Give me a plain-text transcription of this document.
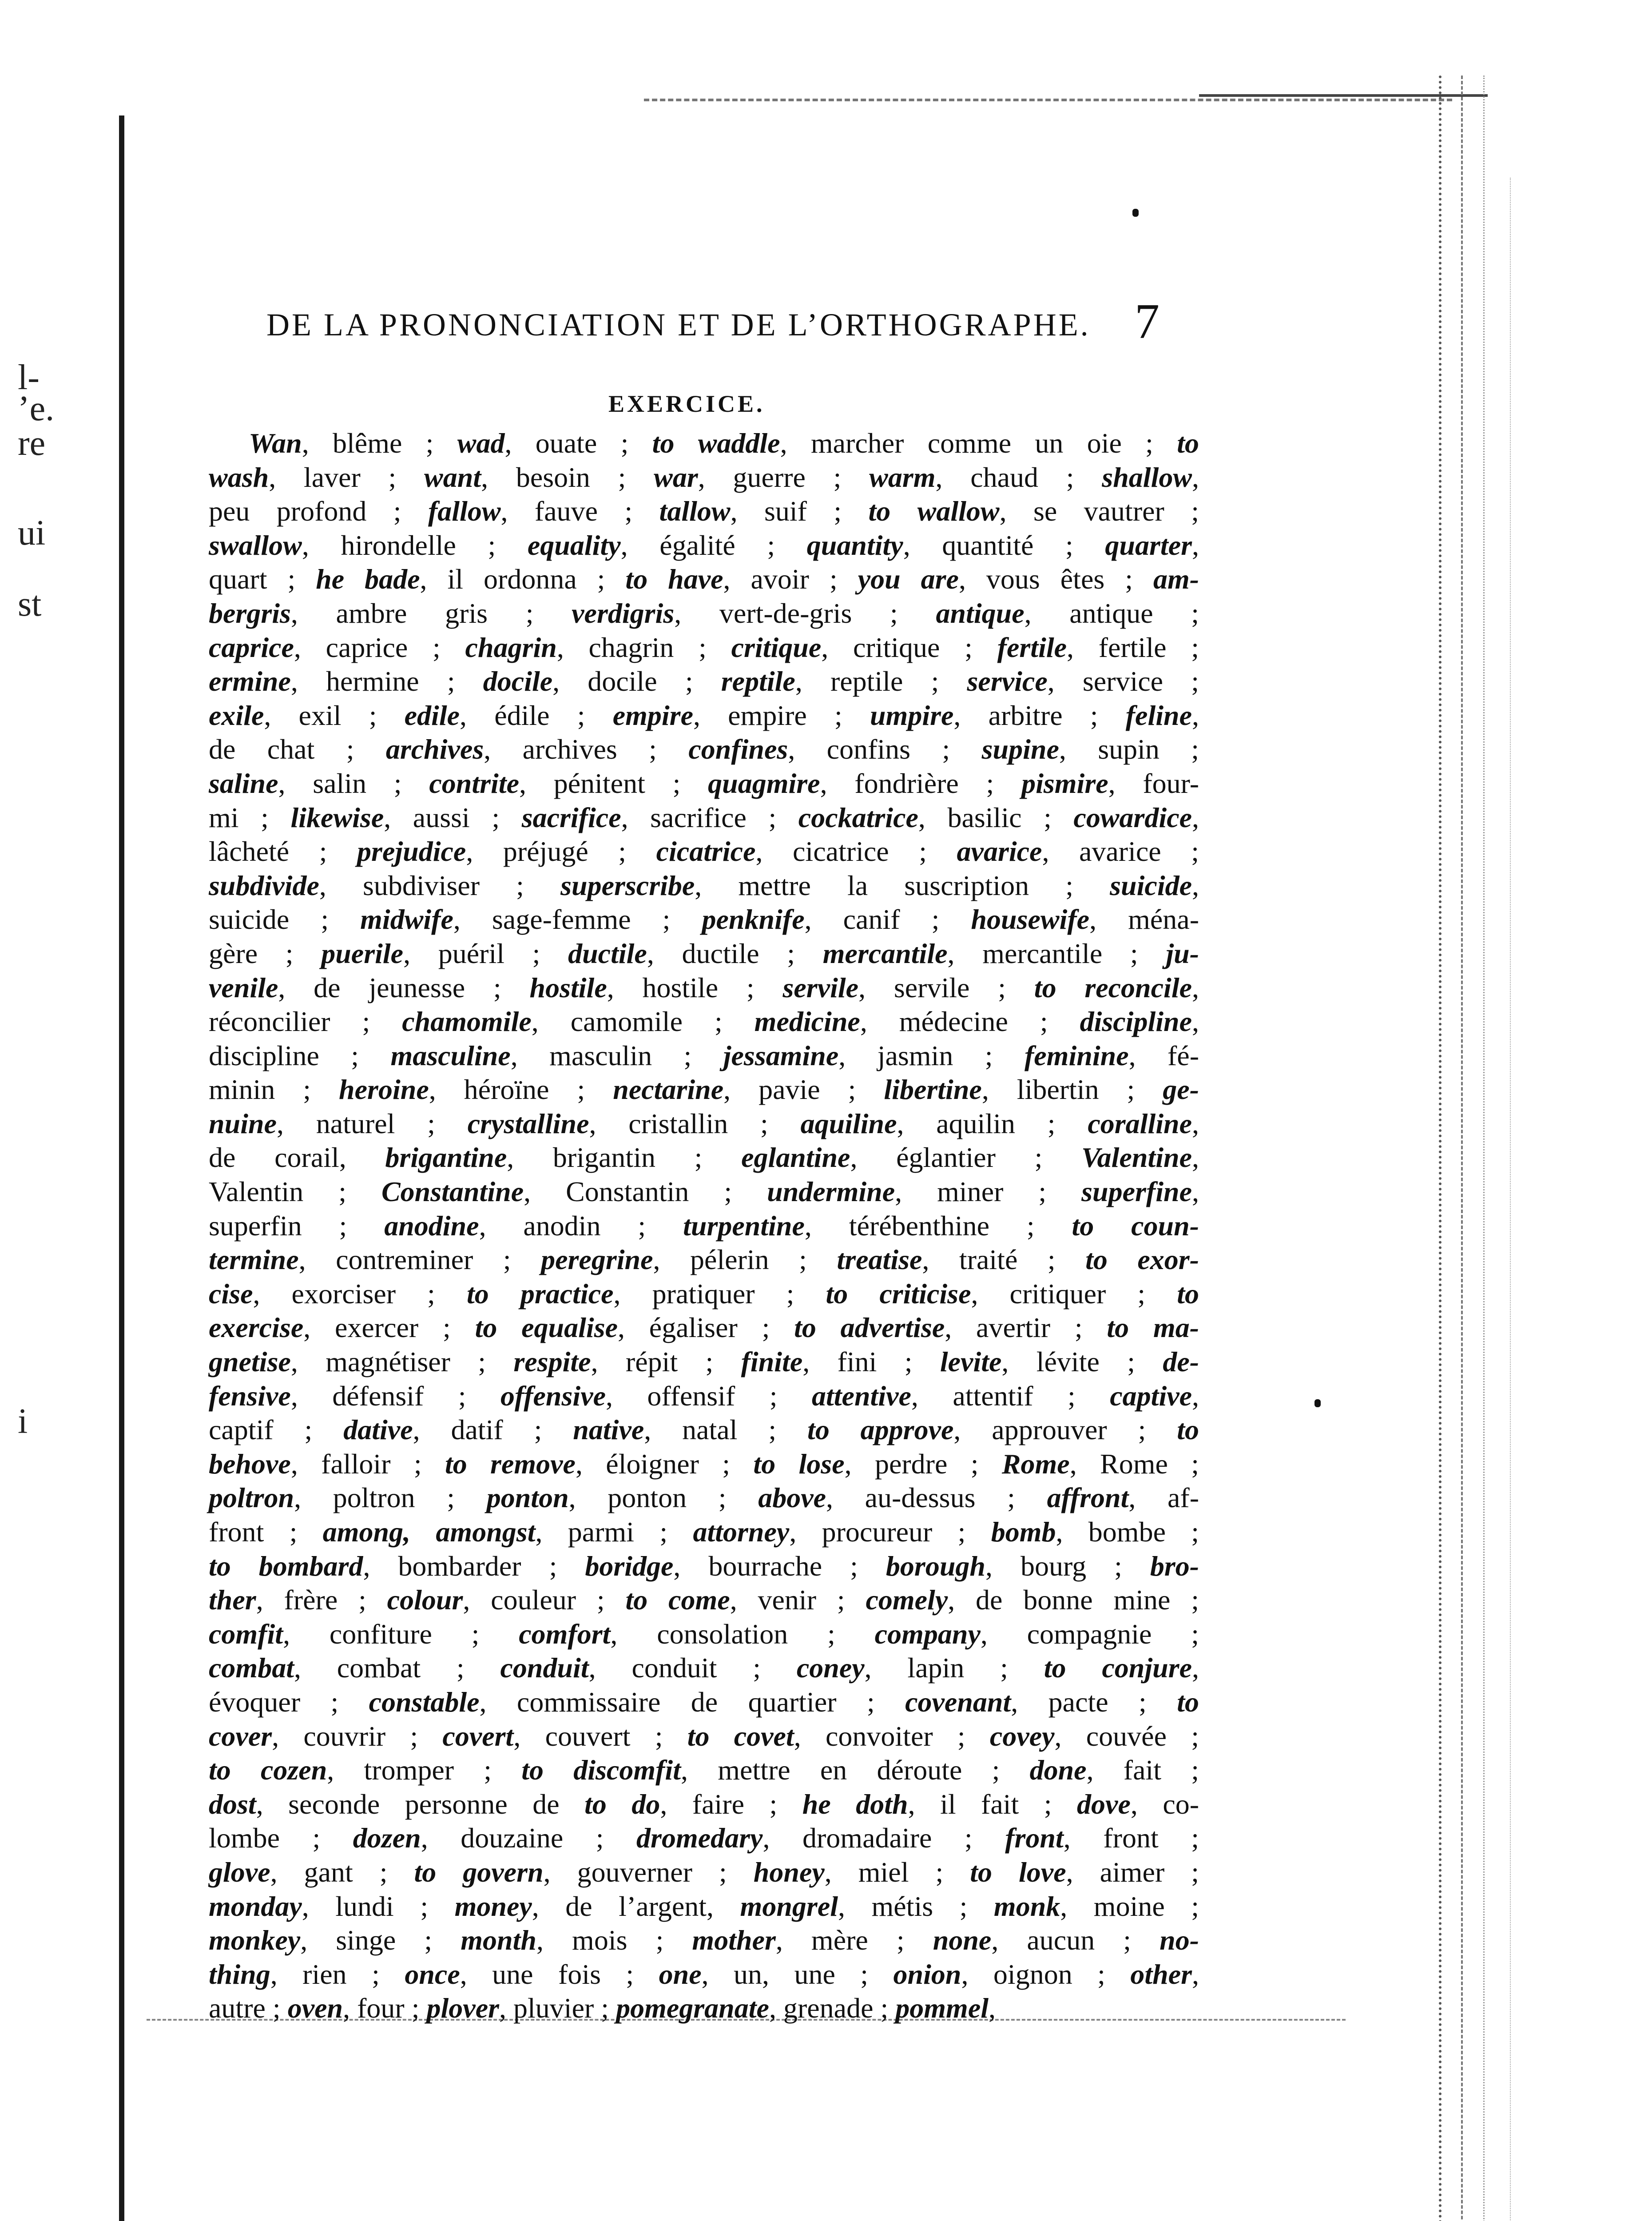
l-
’e.
re
ui
st
i
DE LA PRONONCIATION ET DE L’ORTHOGRAPHE. 7
EXERCICE.
Wan, blême ; wad, ouate ; to waddle, marcher comme un oie ; to
wash, laver ; want, besoin ; war, guerre ; warm, chaud ; shallow,
peu profond ; fallow, fauve ; tallow, suif ; to wallow, se vautrer ;
swallow, hirondelle ; equality, égalité ; quantity, quantité ; quarter,
quart ; he bade, il ordonna ; to have, avoir ; you are, vous êtes ; am-
bergris, ambre gris ; verdigris, vert-de-gris ; antique, antique ;
caprice, caprice ; chagrin, chagrin ; critique, critique ; fertile, fertile ;
ermine, hermine ; docile, docile ; reptile, reptile ; service, service ;
exile, exil ; edile, édile ; empire, empire ; umpire, arbitre ; feline,
de chat ; archives, archives ; confines, confins ; supine, supin ;
saline, salin ; contrite, pénitent ; quagmire, fondrière ; pismire, four-
mi ; likewise, aussi ; sacrifice, sacrifice ; cockatrice, basilic ; cowardice,
lâcheté ; prejudice, préjugé ; cicatrice, cicatrice ; avarice, avarice ;
subdivide, subdiviser ; superscribe, mettre la suscription ; suicide,
suicide ; midwife, sage-femme ; penknife, canif ; housewife, ména-
gère ; puerile, puéril ; ductile, ductile ; mercantile, mercantile ; ju-
venile, de jeunesse ; hostile, hostile ; servile, servile ; to reconcile,
réconcilier ; chamomile, camomile ; medicine, médecine ; discipline,
discipline ; masculine, masculin ; jessamine, jasmin ; feminine, fé-
minin ; heroine, héroïne ; nectarine, pavie ; libertine, libertin ; ge-
nuine, naturel ; crystalline, cristallin ; aquiline, aquilin ; coralline,
de corail, brigantine, brigantin ; eglantine, églantier ; Valentine,
Valentin ; Constantine, Constantin ; undermine, miner ; superfine,
superfin ; anodine, anodin ; turpentine, térébenthine ; to coun-
termine, contreminer ; peregrine, pélerin ; treatise, traité ; to exor-
cise, exorciser ; to practice, pratiquer ; to criticise, critiquer ; to
exercise, exercer ; to equalise, égaliser ; to advertise, avertir ; to ma-
gnetise, magnétiser ; respite, répit ; finite, fini ; levite, lévite ; de-
fensive, défensif ; offensive, offensif ; attentive, attentif ; captive,
captif ; dative, datif ; native, natal ; to approve, approuver ; to
behove, falloir ; to remove, éloigner ; to lose, perdre ; Rome, Rome ;
poltron, poltron ; ponton, ponton ; above, au-dessus ; affront, af-
front ; among, amongst, parmi ; attorney, procureur ; bomb, bombe ;
to bombard, bombarder ; boridge, bourrache ; borough, bourg ; bro-
ther, frère ; colour, couleur ; to come, venir ; comely, de bonne mine ;
comfit, confiture ; comfort, consolation ; company, compagnie ;
combat, combat ; conduit, conduit ; coney, lapin ; to conjure,
évoquer ; constable, commissaire de quartier ; covenant, pacte ; to
cover, couvrir ; covert, couvert ; to covet, convoiter ; covey, couvée ;
to cozen, tromper ; to discomfit, mettre en déroute ; done, fait ;
dost, seconde personne de to do, faire ; he doth, il fait ; dove, co-
lombe ; dozen, douzaine ; dromedary, dromadaire ; front, front ;
glove, gant ; to govern, gouverner ; honey, miel ; to love, aimer ;
monday, lundi ; money, de l’argent, mongrel, métis ; monk, moine ;
monkey, singe ; month, mois ; mother, mère ; none, aucun ; no-
thing, rien ; once, une fois ; one, un, une ; onion, oignon ; other,
autre ; oven, four ; plover, pluvier ; pomegranate, grenade ; pommel,
